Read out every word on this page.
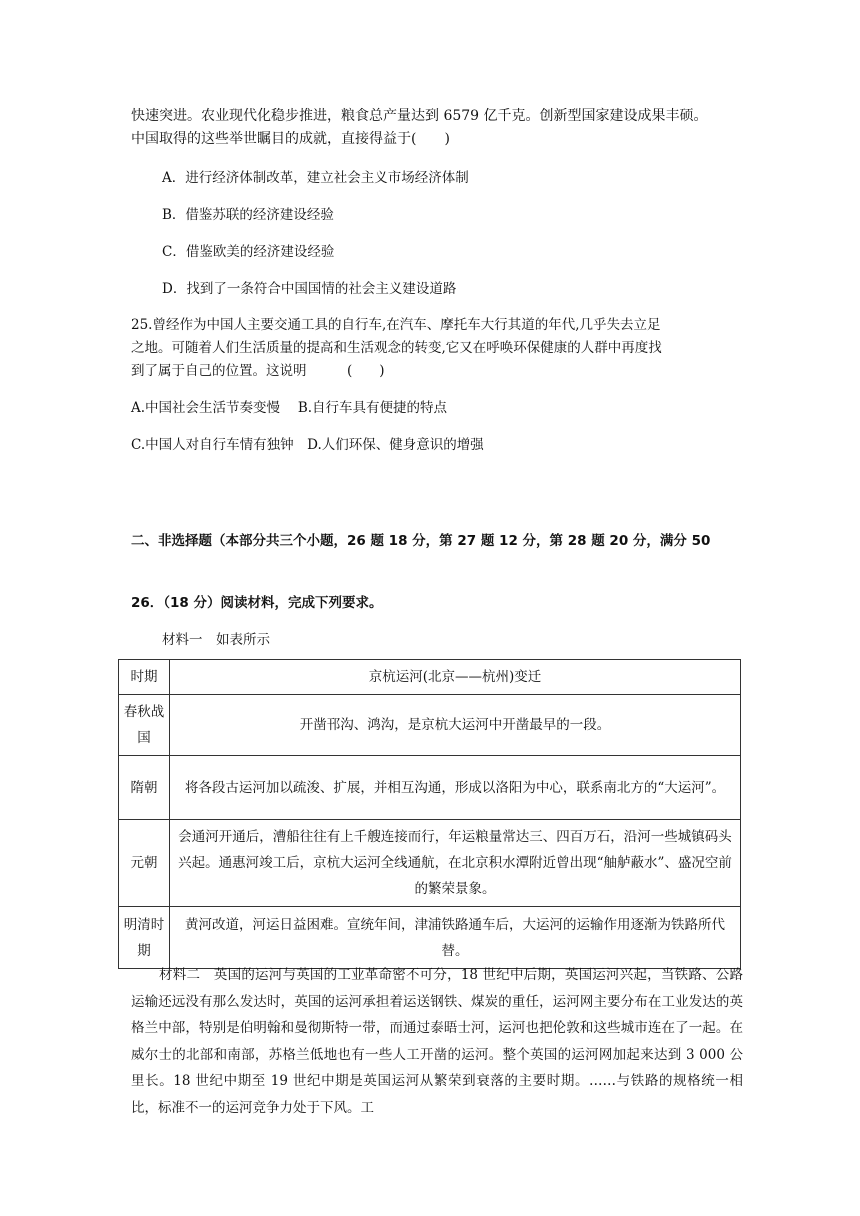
快速突进。农业现代化稳步推进，粮食总产量达到 6579 亿千克。创新型国家建设成果丰硕。

中国取得的这些举世瞩目的成就，直接得益于(　　)

A．进行经济体制改革，建立社会主义市场经济体制

B．借鉴苏联的经济建设经验

C．借鉴欧美的经济建设经验

D．找到了一条符合中国国情的社会主义建设道路

25.曾经作为中国人主要交通工具的自行车,在汽车、摩托车大行其道的年代,几乎失去立足

之地。可随着人们生活质量的提高和生活观念的转变,它又在呼唤环保健康的人群中再度找

到了属于自己的位置。这说明　　　(　　)

A.中国社会生活节奏变慢　 B.自行车具有便捷的特点

C.中国人对自行车情有独钟　D.人们环保、健身意识的增强

二、非选择题（本部分共三个小题，26 题 18 分，第 27 题 12 分，第 28 题 20 分，满分 50

26．（18 分）阅读材料，完成下列要求。

材料一　如表所示

时期	京杭运河(北京——杭州)变迁
春秋战国	开凿邗沟、鸿沟，是京杭大运河中开凿最早的一段。
隋朝	将各段古运河加以疏浚、扩展，并相互沟通，形成以洛阳为中心，联系南北方的“大运河”。
元朝	会通河开通后，漕船往往有上千艘连接而行，年运粮量常达三、四百万石，沿河一些城镇码头兴起。通惠河竣工后，京杭大运河全线通航，在北京积水潭附近曾出现“舳舻蔽水”、盛况空前的繁荣景象。
明清时期	黄河改道，河运日益困难。宣统年间，津浦铁路通车后，大运河的运输作用逐渐为铁路所代替。

材料二　英国的运河与英国的工业革命密不可分，18 世纪中后期，英国运河兴起，当铁路、公路运输还远没有那么发达时，英国的运河承担着运送钢铁、煤炭的重任，运河网主要分布在工业发达的英格兰中部，特别是伯明翰和曼彻斯特一带，而通过泰晤士河，运河也把伦敦和这些城市连在了一起。在威尔士的北部和南部，苏格兰低地也有一些人工开凿的运河。整个英国的运河网加起来达到 3 000 公里长。18 世纪中期至 19 世纪中期是英国运河从繁荣到衰落的主要时期。……与铁路的规格统一相比，标准不一的运河竞争力处于下风。工
